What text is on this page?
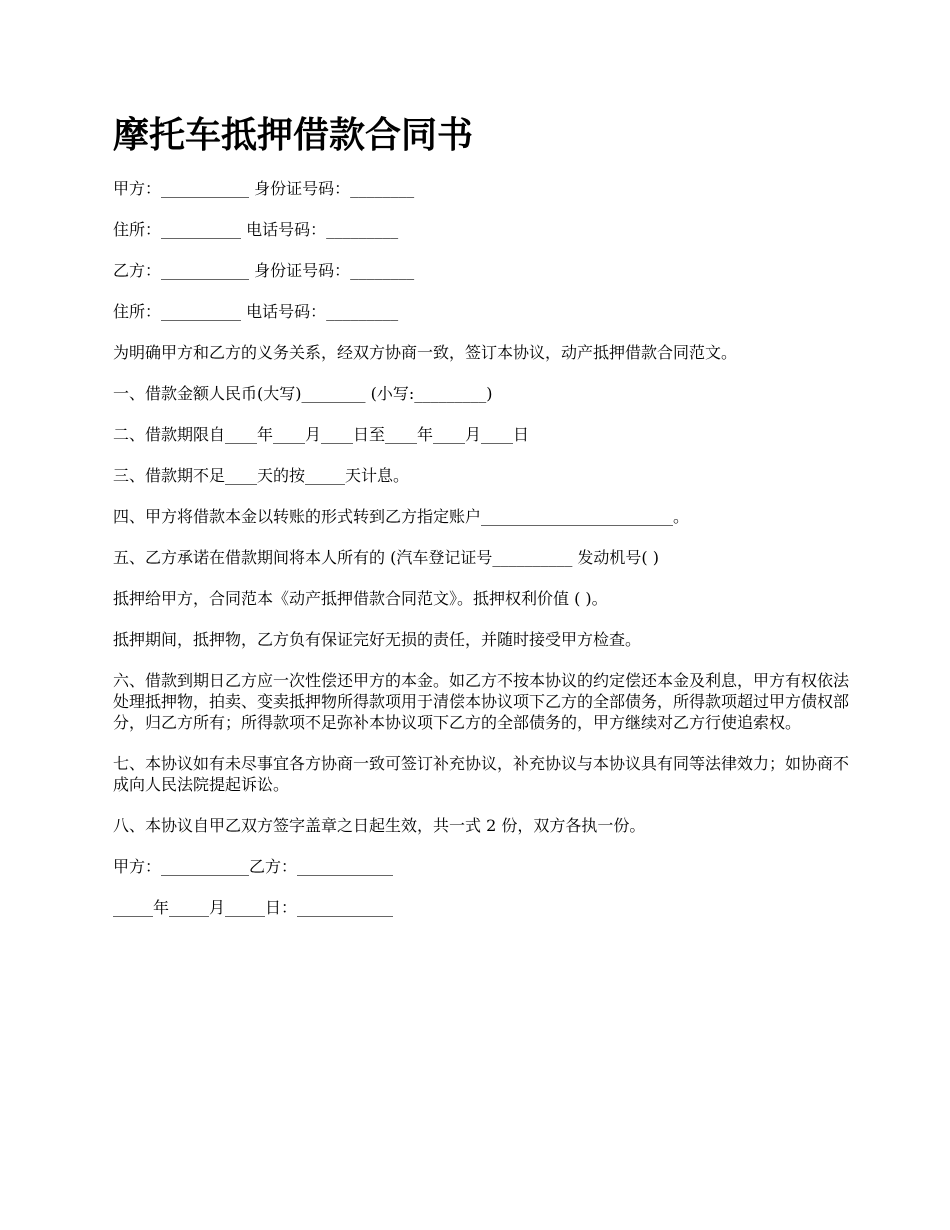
摩托车抵押借款合同书

甲方：___________ 身份证号码：________

住所：__________ 电话号码：_________

乙方：___________ 身份证号码：________

住所：__________ 电话号码：_________

为明确甲方和乙方的义务关系，经双方协商一致，签订本协议，动产抵押借款合同范文。

一、借款金额人民币(大写)________ (小写:_________)

二、借款期限自____年____月____日至____年____月____日

三、借款期不足____天的按_____天计息。

四、甲方将借款本金以转账的形式转到乙方指定账户________________________。

五、乙方承诺在借款期间将本人所有的 (汽车登记证号__________ 发动机号( )

抵押给甲方，合同范本《动产抵押借款合同范文》。抵押权利价值 ( )。

抵押期间，抵押物，乙方负有保证完好无损的责任，并随时接受甲方检查。

六、借款到期日乙方应一次性偿还甲方的本金。如乙方不按本协议的约定偿还本金及利息，甲方有权依法处理抵押物，拍卖、变卖抵押物所得款项用于清偿本协议项下乙方的全部债务，所得款项超过甲方债权部分，归乙方所有；所得款项不足弥补本协议项下乙方的全部债务的，甲方继续对乙方行使追索权。

七、本协议如有未尽事宜各方协商一致可签订补充协议，补充协议与本协议具有同等法律效力；如协商不成向人民法院提起诉讼。

八、本协议自甲乙双方签字盖章之日起生效，共一式 2 份，双方各执一份。

甲方：___________乙方：____________

_____年_____月_____日：____________
